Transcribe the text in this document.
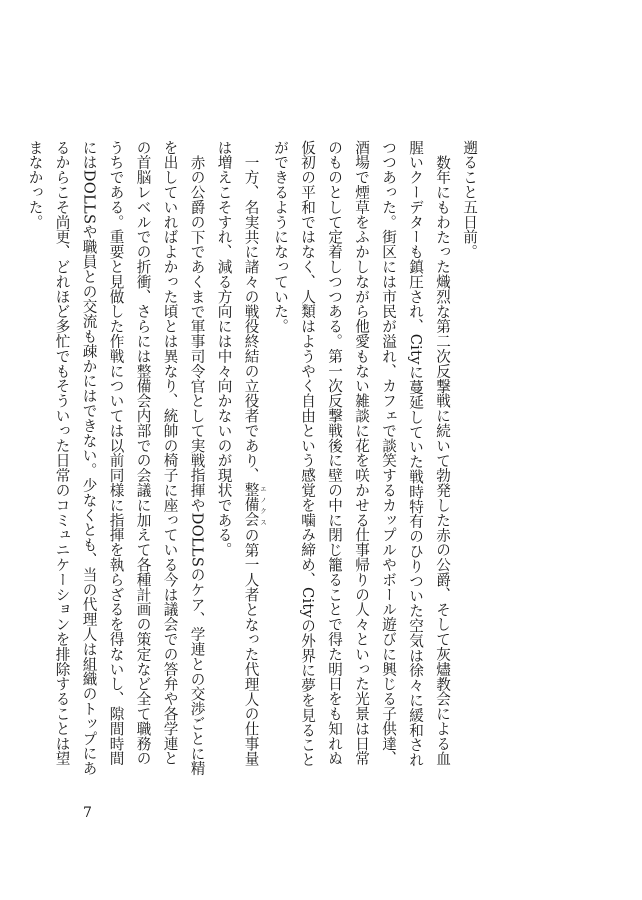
遡ること五日前。

数年にもわたった熾烈な第二次反撃戦に続いて勃発した赤の公爵、そして灰燼教会による血腥いクーデターも鎮圧され、Cityに蔓延していた戦時特有のひりついた空気は徐々に緩和されつつあった。街区には市民が溢れ、カフェで談笑するカップルやボール遊びに興じる子供達、酒場で煙草をふかしながら他愛もない雑談に花を咲かせる仕事帰りの人々といった光景は日常のものとして定着しつつある。第一次反撃戦後に壁の中に閉じ籠ることで得た明日をも知れぬ仮初の平和ではなく、人類はようやく自由という感覚を噛み締め、Cityの外界に夢を見ることができるようになっていた。

一方、名実共に諸々の戦役終結の立役者であり、整備会 エノクスの第一人者となった代理人の仕事量は増えこそすれ、減る方向には中々向かないのが現状である。

赤の公爵の下であくまで軍事司令官として実戦指揮やDOLLSのケア、学連との交渉ごとに精を出していればよかった頃とは異なり、統帥の椅子に座っている今は議会での答弁や各学連との首脳レベルでの折衝、さらには整備会内部での会議に加えて各種計画の策定など全て職務のうちである。重要と見做した作戦については以前同様に指揮を執らざるを得ないし、隙間時間にはDOLLSや職員との交流も疎かにはできない。少なくとも、当の代理人は組織のトップにあるからこそ尚更、どれほど多忙でもそういった日常のコミュニケーションを排除することは望まなかった。

7
